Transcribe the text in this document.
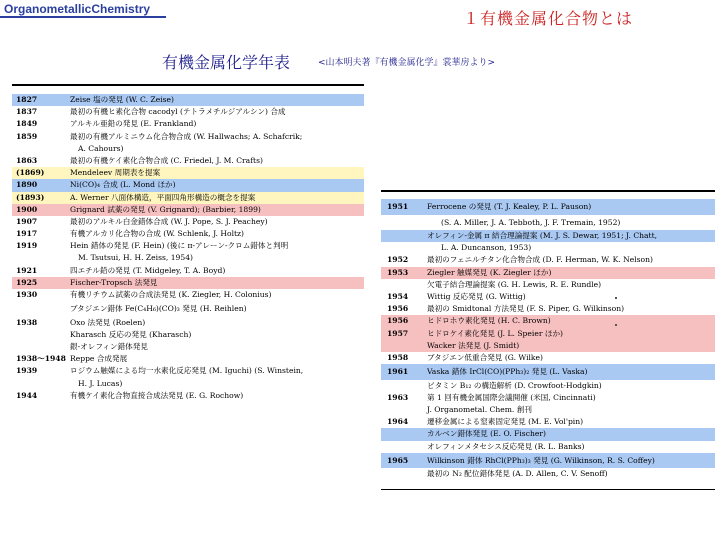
OrganometallicChemistry	１有機金属化合物とは
有機金属化学年表	<山本明夫著『有機金属化学』裳華房より>
1827	Zeise 塩の発見 (W. C. Zeise)
1837	最初の有機ヒ素化合物 cacodyl (テトラメチルジアルシン) 合成
1849	アルキル亜鉛の発見 (E. Frankland)
1859	最初の有機アルミニウム化合物合成 (W. Hallwachs; A. Schafcrik;
A. Cahours)
1863	最初の有機ケイ素化合物合成 (C. Friedel, J. M. Crafts)
(1869)	Mendeleev 周期表を提案
1890	Ni(CO)₄ 合成 (L. Mond ほか)
(1893)	A. Werner 八面体構造，平面四角形構造の概念を提案
1900	Grignard 試薬の発見 (V. Grignard); (Barbier, 1899)
1907	最初のアルキル白金錯体合成 (W. J. Pope, S. J. Peachey)
1917	有機アルカリ化合物の合成 (W. Schlenk, J. Holtz)
1919	Hein 錯体の発見 (F. Hein) (後に π-アレーン-クロム錯体と判明
M. Tsutsui, H. H. Zeiss, 1954)
1921	四エチル鉛の発見 (T. Midgeley, T. A. Boyd)
1925	Fischer-Tropsch 法発見
1930	有機リチウム試薬の合成法発見 (K. Ziegler, H. Colonius)
ブタジエン錯体 Fe(C₄H₆)(CO)₃ 発見 (H. Reihlen)
1938	Oxo 法発見 (Roelen)
Kharasch 反応の発見 (Kharasch)
銀-オレフィン錯体発見
1938～1948 Reppe 合成発展
1939	ロジウム触媒による均一水素化反応発見 (M. Iguchi) (S. Winstein,
H. J. Lucas)
1944	有機ケイ素化合物直接合成法発見 (E. G. Rochow)
1951 Ferrocene の発見 (T. J. Kealey, P. L. Pauson)
(S. A. Miller, J. A. Tebboth, J. F. Tremain, 1952)
オレフィン-金属 π 結合理論提案 (M. J. S. Dewar, 1951; J. Chatt,
L. A. Duncanson, 1953)
1952 最初のフェニルチタン化合物合成 (D. F. Herman, W. K. Nelson)
1953 Ziegler 触媒発見 (K. Ziegler ほか)
欠電子結合理論提案 (G. H. Lewis, R. E. Rundle)
1954 Wittig 反応発見 (G. Wittig)
1956 最初の Smidtonal 方法発見 (F. S. Piper, G. Wilkinson)
1956 ヒドロホウ素化発見 (H. C. Brown)
1957 ヒドロケイ素化発見 (J. L. Speier ほか)
Wacker 法発見 (J. Smidt)
1958 ブタジエン低重合発見 (G. Wilke)
1961 Vaska 錯体 IrCl(CO)(PPh₃)₂ 発見 (L. Vaska)
ビタミン B₁₂ の構造解析 (D. Crowfoot-Hodgkin)
1963 第 1 回有機金属国際会議開催 (米国, Cincinnati)
J. Organometal. Chem. 創刊
1964 遷移金属による窒素固定発見 (M. E. Vol'pin)
カルベン錯体発見 (E. O. Fischer)
オレフィンメタセシス反応発見 (R. L. Banks)
1965 Wilkinson 錯体 RhCl(PPh₃)₃ 発見 (G. Wilkinson, R. S. Coffey)
最初の N₂ 配位錯体発見 (A. D. Allen, C. V. Senoff)
